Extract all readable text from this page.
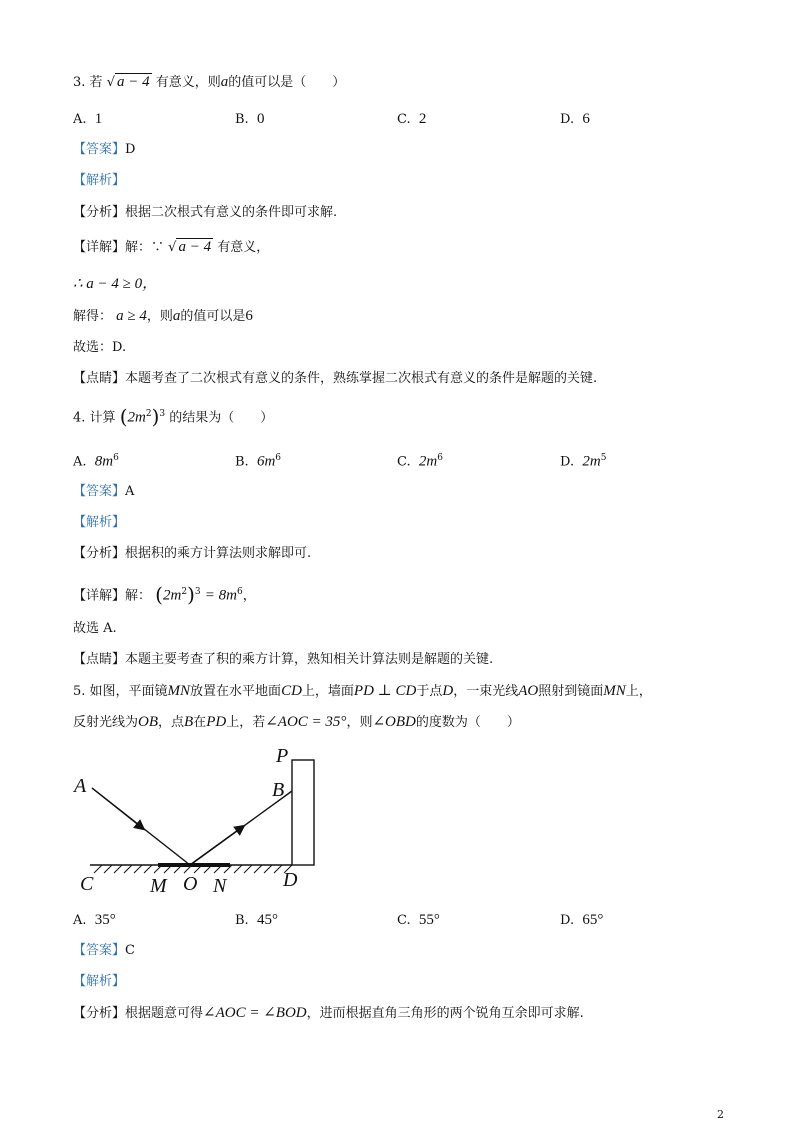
3. 若 √ a − 4 有意义，则a的值可以是（　　）
A. 1	B. 0	C. 2	D. 6
【答案】D
【解析】
【分析】根据二次根式有意义的条件即可求解.
【详解】解：∵ √ a − 4 有意义，
∴ a − 4 ≥ 0，
解得： a ≥ 4，则a的值可以是6
故选：D.
【点睛】本题考查了二次根式有意义的条件，熟练掌握二次根式有意义的条件是解题的关键.
4. 计算 $(2m^2)^3$ 的结果为（　　）
A. $8m^6$	B. $6m^6$	C. $2m^6$	D. $2m^5$
【答案】A
【解析】
【分析】根据积的乘方计算法则求解即可.
【详解】解： $(2m^2)^3 = 8m^6$，
故选 A.
【点睛】本题主要考查了积的乘方计算，熟知相关计算法则是解题的关键.
5. 如图，平面镜MN放置在水平地面CD上，墙面PD ⊥ CD于点D，一束光线AO照射到镜面MN上，
反射光线为OB，点B在PD上，若∠AOC = 35°，则∠OBD的度数为（　　）
A
P
B
C	M O N	D
A. 35°	B. 45°	C. 55°	D. 65°
【答案】C
【解析】
【分析】根据题意可得∠AOC = ∠BOD，进而根据直角三角形的两个锐角互余即可求解.
2
